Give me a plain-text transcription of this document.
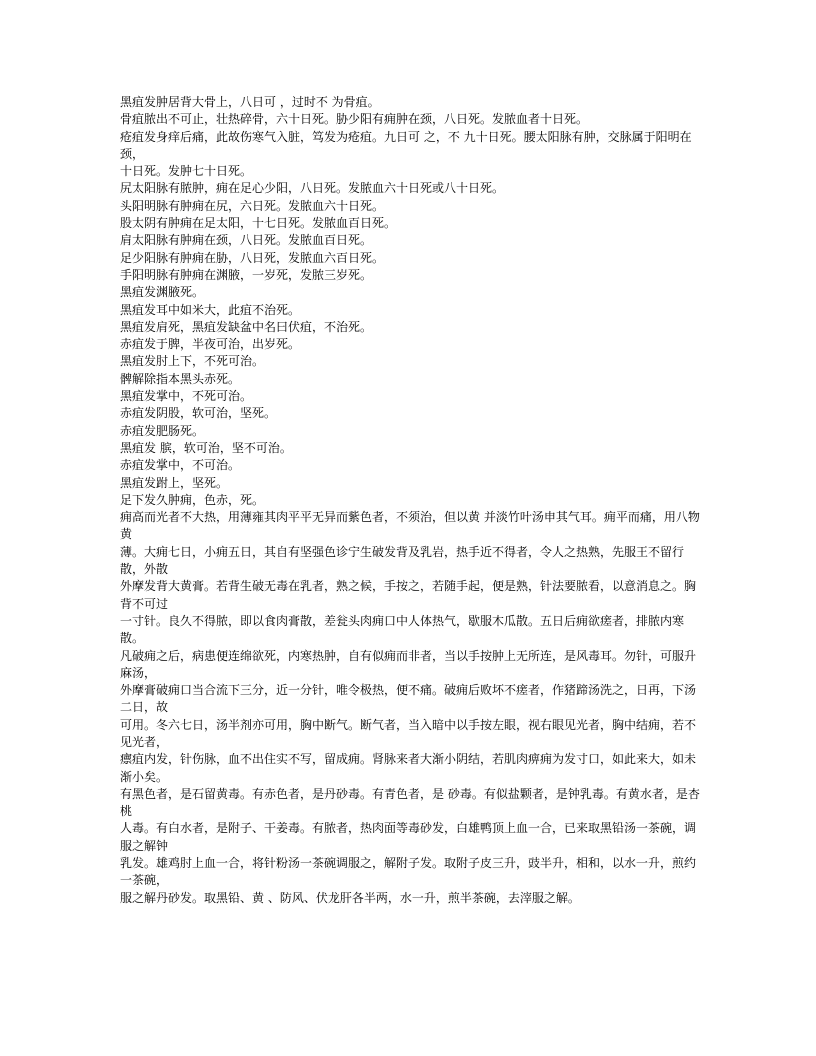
黑疽发肿居背大骨上，八日可 ，过时不 为骨疽。

骨疽脓出不可止，壮热碎骨，六十日死。胁少阳有痈肿在颈，八日死。发脓血者十日死。

疮疽发身痒后痛，此故伤寒气入脏，笃发为疮疽。九日可 之，不 九十日死。腰太阳脉有肿，交脉属于阳明在颈，

十日死。发肿七十日死。

尻太阳脉有脓肿，痈在足心少阳，八日死。发脓血六十日死或八十日死。

头阳明脉有肿痈在尻，六日死。发脓血六十日死。

股太阴有肿痈在足太阳，十七日死。发脓血百日死。

肩太阳脉有肿痈在颈，八日死。发脓血百日死。

足少阳脉有肿痈在胁，八日死，发脓血六百日死。

手阳明脉有肿痈在渊腋，一岁死，发脓三岁死。

黑疽发渊腋死。

黑疽发耳中如米大，此疽不治死。

黑疽发肩死，黑疽发缺盆中名曰伏疽，不治死。

赤疽发于脾，半夜可治，出岁死。

黑疽发肘上下，不死可治。

髀解除指本黑头赤死。

黑疽发掌中，不死可治。

赤疽发阴股，软可治，坚死。

赤疽发肥肠死。

黑疽发 膑，软可治，坚不可治。

赤疽发掌中，不可治。

黑疽发跗上，坚死。

足下发久肿痈，色赤，死。

痈高而光者不大热，用薄雍其肉平平无异而紫色者，不须治，但以黄 并淡竹叶汤申其气耳。痈平而痛，用八物黄

薄。大痈七日，小痈五日，其自有坚强色诊宁生破发背及乳岩，热手近不得者，令人之热熟，先服王不留行散，外散

外摩发背大黄膏。若背生破无毒在乳者，熟之候，手按之，若随手起，便是熟，针法要脓看，以意消息之。胸背不可过

一寸针。良久不得脓，即以食肉膏散，差瓮头肉痈口中人体热气，歇服木瓜散。五日后痈欲瘥者，排脓内寒散。

凡破痈之后，病患便连绵欲死，内寒热肿，自有似痈而非者，当以手按肿上无所连，是风毒耳。勿针，可服升麻汤，

外摩膏破痈口当合流下三分，近一分针，唯令极热，便不痛。破痈后败坏不瘥者，作猪蹄汤洗之，日再，下汤二日，故

可用。冬六七日，汤半剂亦可用，胸中断气。断气者，当入暗中以手按左眼，视右眼见光者，胸中结痈，若不见光者，

瘭疽内发，针伤脉，血不出住实不写，留成痈。肾脉来者大渐小阴结，若肌肉痹痈为发寸口，如此来大，如未渐小矣。

有黑色者，是石留黄毒。有赤色者，是丹砂毒。有青色者，是 砂毒。有似盐颗者，是钟乳毒。有黄水者，是杏桃

人毒。有白水者，是附子、干姜毒。有脓者，热肉面等毒砂发，白雄鸭顶上血一合，已来取黑铅汤一茶碗，调服之解钟

乳发。雄鸡肘上血一合，将针粉汤一茶碗调服之，解附子发。取附子皮三升，豉半升，相和，以水一升，煎约一茶碗，

服之解丹砂发。取黑铅、黄 、防风、伏龙肝各半两，水一升，煎半茶碗，去滓服之解。
